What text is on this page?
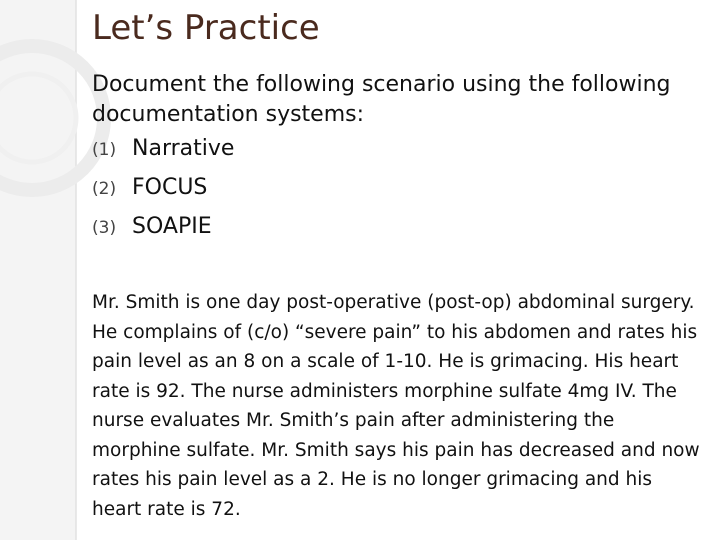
Let’s Practice

Document the following scenario using the following documentation systems:

(1) Narrative
(2) FOCUS
(3) SOAPIE

Mr. Smith is one day post-operative (post-op) abdominal surgery. He complains of (c/o) “severe pain” to his abdomen and rates his pain level as an 8 on a scale of 1-10. He is grimacing. His heart rate is 92. The nurse administers morphine sulfate 4mg IV. The nurse evaluates Mr. Smith’s pain after administering the morphine sulfate. Mr. Smith says his pain has decreased and now rates his pain level as a 2. He is no longer grimacing and his heart rate is 72.
